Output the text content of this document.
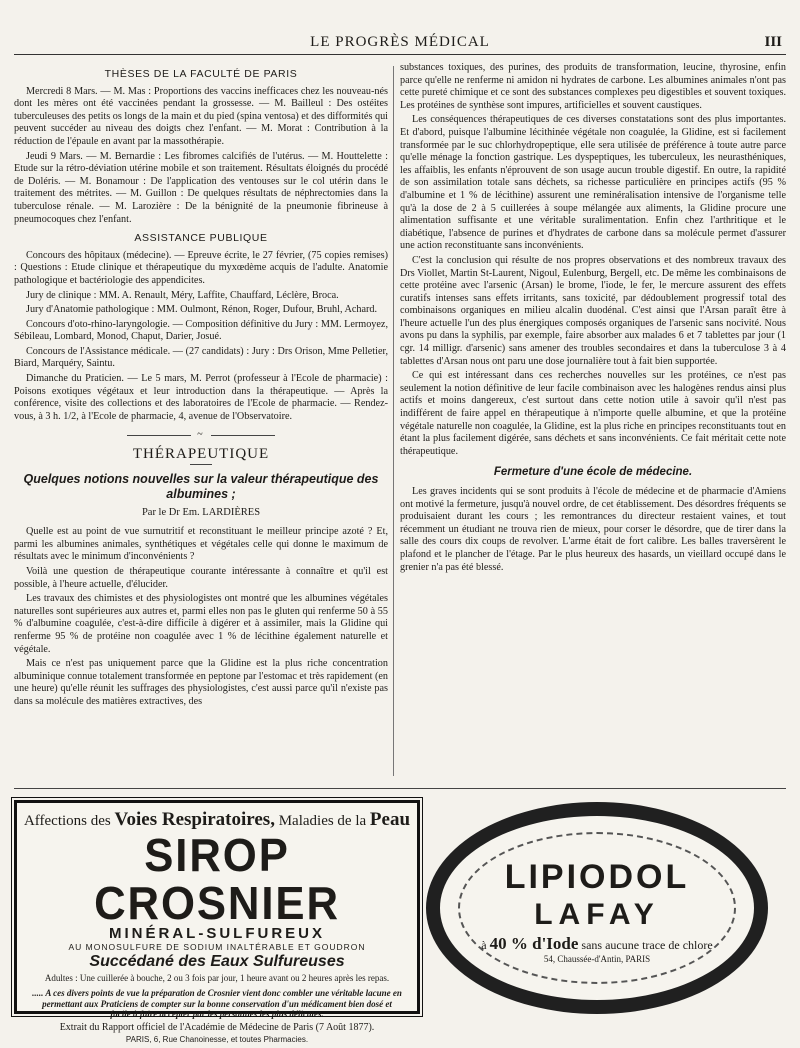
LE PROGRÈS MÉDICAL	III
THÈSES DE LA FACULTÉ DE PARIS

Mercredi 8 Mars. — M. Mas : Proportions des vaccins inefficaces chez les nouveau-nés dont les mères ont été vaccinées pendant la grossesse. — M. Bailleul : Des ostéites tuberculeuses des petits os longs de la main et du pied (spina ventosa) et des difformités qui peuvent succéder au niveau des doigts chez l'enfant. — M. Morat : Contribution à la réduction de l'épaule en avant par la massothérapie.

Jeudi 9 Mars. — M. Bernardie : Les fibromes calcifiés de l'utérus. — M. Houttelette : Etude sur la rétro-déviation utérine mobile et son traitement. Résultats éloignés du procédé de Doléris. — M. Bonamour : De l'application des ventouses sur le col utérin dans le traitement des métrites. — M. Guillon : De quelques résultats de néphrectomies dans la tuberculose rénale. — M. Larozière : De la bénignité de la pneumonie fibrineuse à pneumocoques chez l'enfant.

ASSISTANCE PUBLIQUE

Concours des hôpitaux (médecine). — Epreuve écrite, le 27 février, (75 copies remises) : Questions : Etude clinique et thérapeutique du myxœdème acquis de l'adulte. Anatomie pathologique et bactériologie des appendicites.

Jury de clinique : MM. A. Renault, Méry, Laffite, Chauffard, Léclère, Broca.

Jury d'Anatomie pathologique : MM. Oulmont, Rénon, Roger, Dufour, Bruhl, Achard.

Concours d'oto-rhino-laryngologie. — Composition définitive du Jury : MM. Lermoyez, Sébileau, Lombard, Monod, Chaput, Darier, Josué.

Concours de l'Assistance médicale. — (27 candidats) : Jury : Drs Orison, Mme Pelletier, Biard, Marquéry, Saintu.

Dimanche du Praticien. — Le 5 mars, M. Perrot (professeur à l'Ecole de pharmacie) : Poisons exotiques végétaux et leur introduction dans la thérapeutique. — Après la conférence, visite des collections et des laboratoires de l'Ecole de pharmacie. — Rendez-vous, à 3 h. 1/2, à l'Ecole de pharmacie, 4, avenue de l'Observatoire.

~
THÉRAPEUTIQUE
Quelques notions nouvelles sur la valeur thérapeutique des albumines ;
Par le Dr Em. LARDIÈRES

Quelle est au point de vue surnutritif et reconstituant le meilleur principe azoté ? Et, parmi les albumines animales, synthétiques et végétales celle qui donne le maximum de résultats avec le minimum d'inconvénients ?

Voilà une question de thérapeutique courante intéressante à connaître et qu'il est possible, à l'heure actuelle, d'élucider.

Les travaux des chimistes et des physiologistes ont montré que les albumines végétales naturelles sont supérieures aux autres et, parmi elles non pas le gluten qui renferme 50 à 55 % d'albumine coagulée, c'est-à-dire difficile à digérer et à assimiler, mais la Glidine qui renferme 95 % de protéine non coagulée avec 1 % de lécithine également naturelle et végétale.

Mais ce n'est pas uniquement parce que la Glidine est la plus riche concentration albuminique connue totalement transformée en peptone par l'estomac et très rapidement (en une heure) qu'elle réunit les suffrages des physiologistes, c'est aussi parce qu'il n'existe pas dans sa molécule des matières extractives, des

substances toxiques, des purines, des produits de transformation, leucine, thyrosine, enfin parce qu'elle ne renferme ni amidon ni hydrates de carbone. Les albumines animales n'ont pas cette pureté chimique et ce sont des substances complexes peu digestibles et souvent toxiques. Les protéines de synthèse sont impures, artificielles et souvent caustiques.

Les conséquences thérapeutiques de ces diverses constatations sont des plus importantes. Et d'abord, puisque l'albumine lécithinée végétale non coagulée, la Glidine, est si facilement transformée par le suc chlorhydropeptique, elle sera utilisée de préférence à toute autre parce qu'elle ménage la fonction gastrique. Les dyspeptiques, les tuberculeux, les neurasthéniques, les affaiblis, les enfants n'éprouvent de son usage aucun trouble digestif. En outre, la rapidité de son assimilation totale sans déchets, sa richesse particulière en principes actifs (95 % d'albumine et 1 % de lécithine) assurent une reminéralisation intensive de l'organisme telle qu'à la dose de 2 à 5 cuillerées à soupe mélangée aux aliments, la Glidine procure une alimentation suffisante et une véritable suralimentation. Enfin chez l'arthritique et le diabétique, l'absence de purines et d'hydrates de carbone dans sa molécule permet d'assurer une action reconstituante sans inconvénients.

C'est la conclusion qui résulte de nos propres observations et des nombreux travaux des Drs Viollet, Martin St-Laurent, Nigoul, Eulenburg, Bergell, etc. De même les combinaisons de cette protéine avec l'arsenic (Arsan) le brome, l'iode, le fer, le mercure assurent des effets curatifs intenses sans effets irritants, sans toxicité, par dédoublement progressif total des combinaisons organiques en milieu alcalin duodénal. C'est ainsi que l'Arsan paraît être à l'heure actuelle l'un des plus énergiques composés organiques de l'arsenic sans nocivité. Nous avons pu dans la syphilis, par exemple, faire absorber aux malades 6 et 7 tablettes par jour (1 cgr. 14 milligr. d'arsenic) sans amener des troubles secondaires et dans la tuberculose 3 à 4 tablettes d'Arsan nous ont paru une dose journalière tout à fait bien supportée.

Ce qui est intéressant dans ces recherches nouvelles sur les protéines, ce n'est pas seulement la notion définitive de leur facile combinaison avec les halogènes rendus ainsi plus actifs et moins dangereux, c'est surtout dans cette notion utile à savoir qu'il n'est pas indifférent de faire appel en thérapeutique à n'importe quelle albumine, et que la protéine végétale naturelle non coagulée, la Glidine, est la plus riche en principes reconstituants tout en étant la plus facilement digérée, sans déchets et sans inconvénients. Ce fait méritait cette note thérapeutique.

Fermeture d'une école de médecine.

Les graves incidents qui se sont produits à l'école de médecine et de pharmacie d'Amiens ont motivé la fermeture, jusqu'à nouvel ordre, de cet établissement. Des désordres fréquents se produisaient durant les cours ; les remontrances du directeur restaient vaines, et tout récemment un étudiant ne trouva rien de mieux, pour corser le désordre, que de tirer dans la salle des cours dix coups de revolver. L'arme était de fort calibre. Les balles traversèrent le plafond et le plancher de l'étage. Par le plus heureux des hasards, un vieillard occupé dans le grenier n'a pas été blessé.

Affections des Voies Respiratoires, Maladies de la Peau
SIROP CROSNIER
MINÉRAL-SULFUREUX
AU MONOSULFURE DE SODIUM INALTÉRABLE ET GOUDRON
Succédané des Eaux Sulfureuses
Adultes : Une cuillerée à bouche, 2 ou 3 fois par jour, 1 heure avant ou 2 heures après les repas.
..... A ces divers points de vue la préparation de Crosnier vient donc combler une véritable lacune en permettant aux Praticiens de compter sur la bonne conservation d'un médicament bien dosé et facile à faire accepter par les personnes les plus délicates.
Extrait du Rapport officiel de l'Académie de Médecine de Paris (7 Août 1877).
PARIS, 6, Rue Chanoinesse, et toutes Pharmacies.
LIPIODOL
LAFAY
à 40 % d'Iode sans aucune trace de chlore
54, Chaussée-d'Antin, PARIS
